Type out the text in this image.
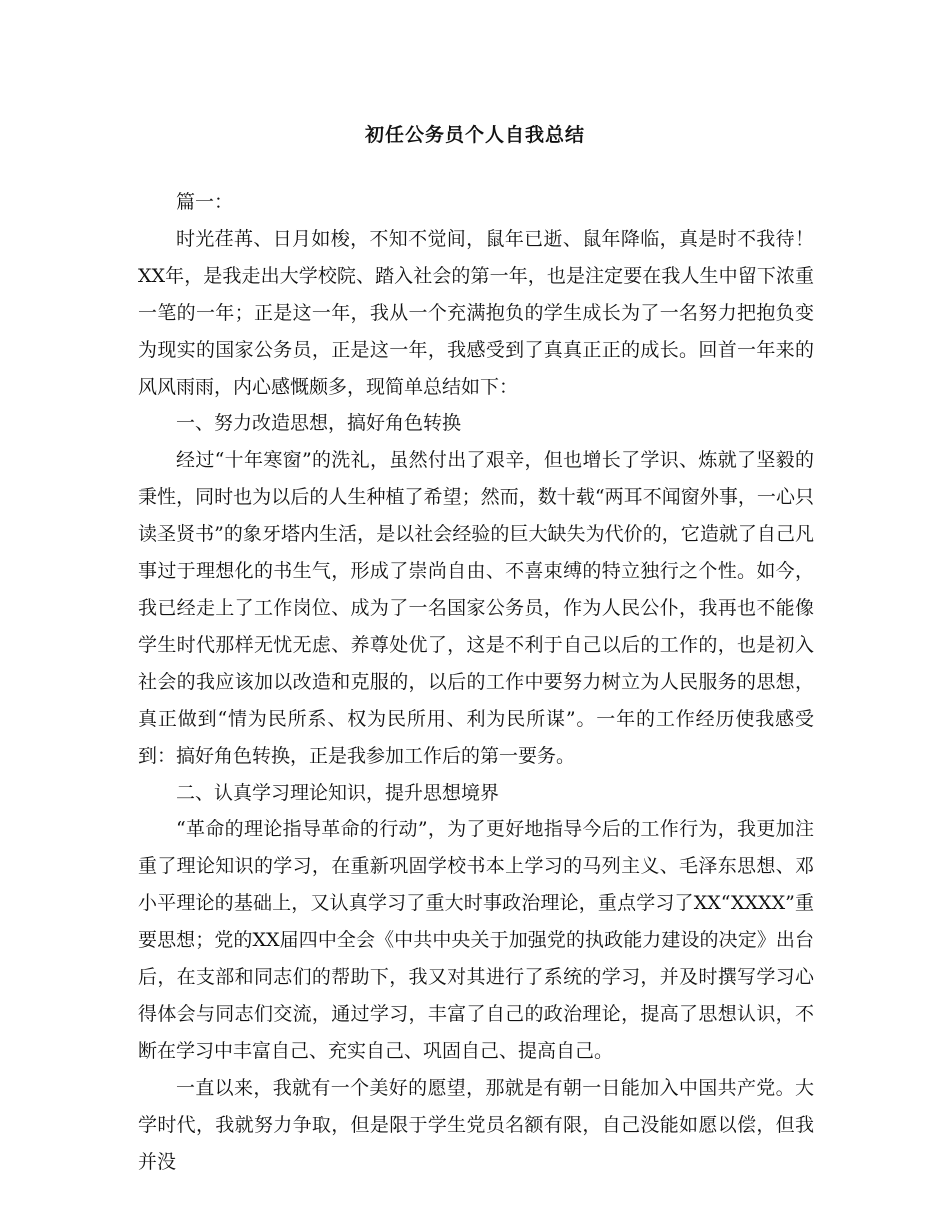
初任公务员个人自我总结

篇一：

时光荏苒、日月如梭，不知不觉间，鼠年已逝、鼠年降临，真是时不我待！XX年，是我走出大学校院、踏入社会的第一年，也是注定要在我人生中留下浓重一笔的一年；正是这一年，我从一个充满抱负的学生成长为了一名努力把抱负变为现实的国家公务员，正是这一年，我感受到了真真正正的成长。回首一年来的风风雨雨，内心感慨颇多，现简单总结如下：

一、努力改造思想，搞好角色转换

经过“十年寒窗”的洗礼，虽然付出了艰辛，但也增长了学识、炼就了坚毅的秉性，同时也为以后的人生种植了希望；然而，数十载“两耳不闻窗外事，一心只读圣贤书”的象牙塔内生活，是以社会经验的巨大缺失为代价的，它造就了自己凡事过于理想化的书生气，形成了崇尚自由、不喜束缚的特立独行之个性。如今，我已经走上了工作岗位、成为了一名国家公务员，作为人民公仆，我再也不能像学生时代那样无忧无虑、养尊处优了，这是不利于自己以后的工作的，也是初入社会的我应该加以改造和克服的，以后的工作中要努力树立为人民服务的思想，真正做到“情为民所系、权为民所用、利为民所谋”。一年的工作经历使我感受到：搞好角色转换，正是我参加工作后的第一要务。

二、认真学习理论知识，提升思想境界

“革命的理论指导革命的行动”，为了更好地指导今后的工作行为，我更加注重了理论知识的学习，在重新巩固学校书本上学习的马列主义、毛泽东思想、邓小平理论的基础上，又认真学习了重大时事政治理论，重点学习了XX“XXXX”重要思想；党的XX届四中全会《中共中央关于加强党的执政能力建设的决定》出台后，在支部和同志们的帮助下，我又对其进行了系统的学习，并及时撰写学习心得体会与同志们交流，通过学习，丰富了自己的政治理论，提高了思想认识，不断在学习中丰富自己、充实自己、巩固自己、提高自己。

一直以来，我就有一个美好的愿望，那就是有朝一日能加入中国共产党。大学时代，我就努力争取，但是限于学生党员名额有限，自己没能如愿以偿，但我并没
